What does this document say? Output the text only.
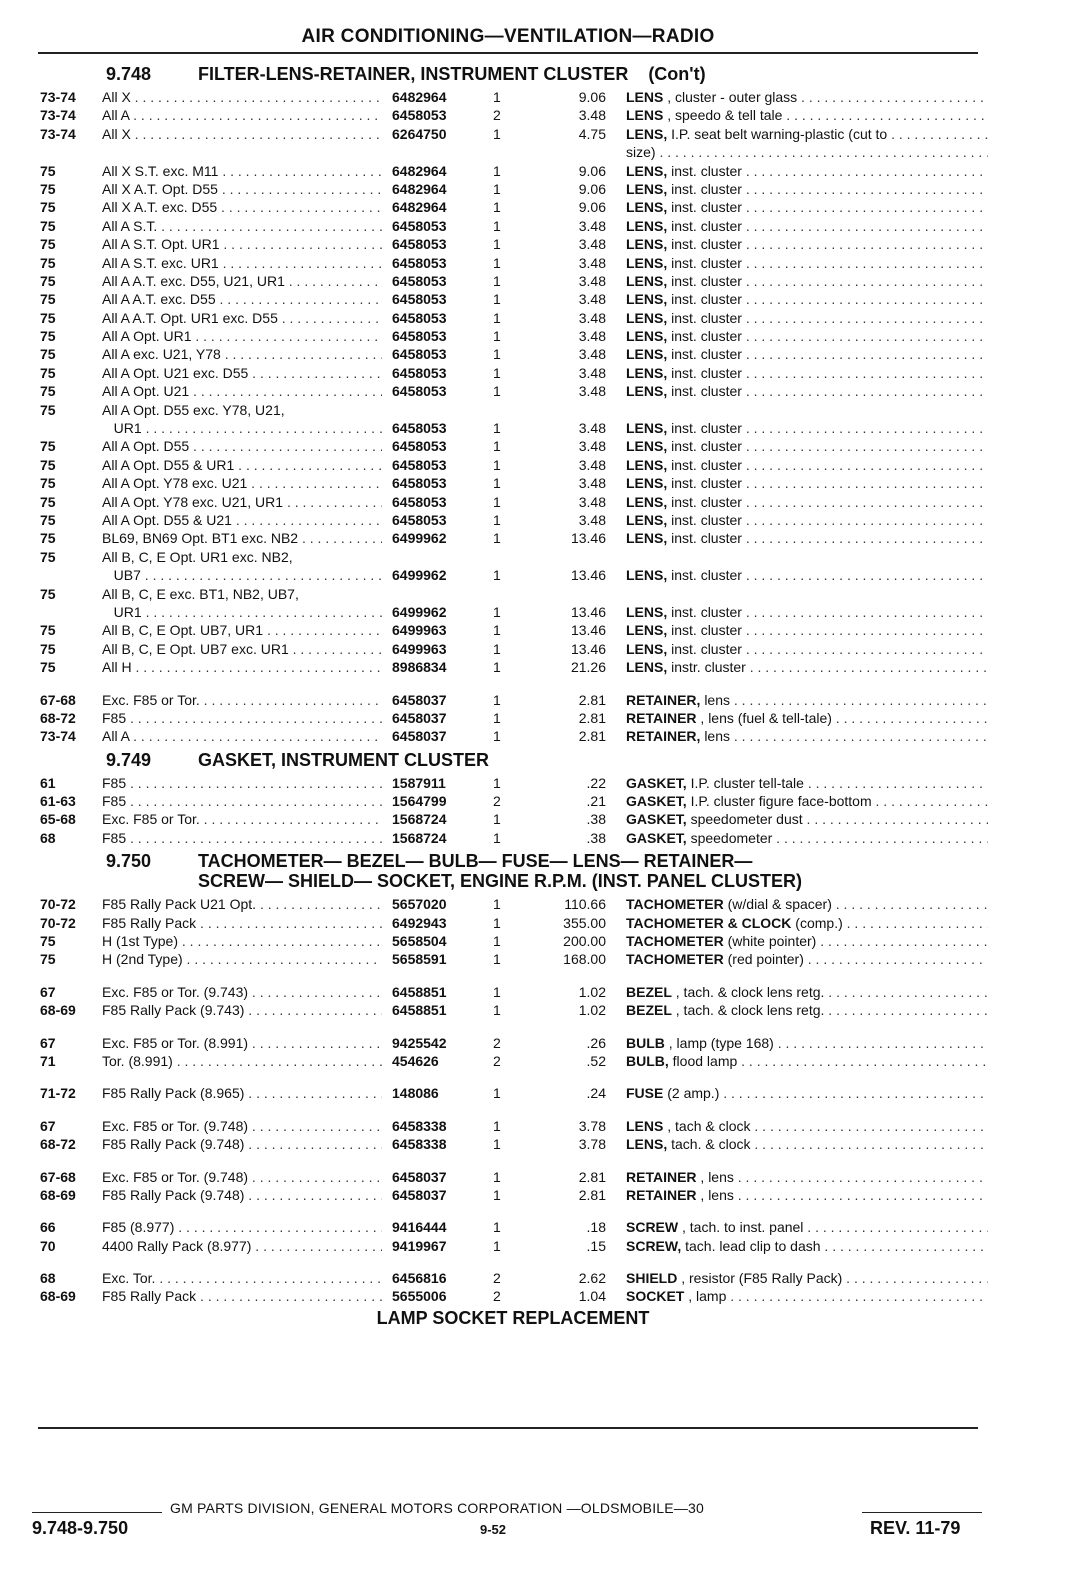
AIR CONDITIONING—VENTILATION—RADIO
9.748	FILTER-LENS-RETAINER, INSTRUMENT CLUSTER    (Con't)
73-74	All X . . .	6482964	1	9.06 LENS , cluster - outer glass . . .
73-74	All A . . .	6458053	2	3.48 LENS , speedo & tell tale . . .
73-74	All X . . .	6264750	1	4.75 LENS, I.P. seat belt warning-plastic (cut to . . .
size) . . .
75	All X S.T. exc. M11 . . .	6482964	1	9.06 LENS, inst. cluster . . .
75	All X A.T. Opt. D55 . . .	6482964	1	9.06 LENS, inst. cluster . . .
75	All X A.T. exc. D55 . . .	6482964	1	9.06 LENS, inst. cluster . . .
75	All A S.T. . . .	6458053	1	3.48 LENS, inst. cluster . . .
75	All A S.T. Opt. UR1 . . .	6458053	1	3.48 LENS, inst. cluster . . .
75	All A S.T. exc. UR1 . . .	6458053	1	3.48 LENS, inst. cluster . . .
75	All A A.T. exc. D55, U21, UR1 . . .	6458053	1	3.48 LENS, inst. cluster . . .
75	All A A.T. exc. D55 . . .	6458053	1	3.48 LENS, inst. cluster . . .
75	All A A.T. Opt. UR1 exc. D55 . . .	6458053	1	3.48 LENS, inst. cluster . . .
75	All A Opt. UR1 . . .	6458053	1	3.48 LENS, inst. cluster . . .
75	All A exc. U21, Y78 . . .	6458053	1	3.48 LENS, inst. cluster . . .
75	All A Opt. U21 exc. D55 . . .	6458053	1	3.48 LENS, inst. cluster . . .
75	All A Opt. U21 . . .	6458053	1	3.48 LENS, inst. cluster . . .
75	All A Opt. D55 exc. Y78, U21,
UR1 . . .	6458053	1	3.48 LENS, inst. cluster . . .
75	All A Opt. D55 . . .	6458053	1	3.48 LENS, inst. cluster . . .
75	All A Opt. D55 & UR1 . . .	6458053	1	3.48 LENS, inst. cluster . . .
75	All A Opt. Y78 exc. U21 . . .	6458053	1	3.48 LENS, inst. cluster . . .
75	All A Opt. Y78 exc. U21, UR1 . . .	6458053	1	3.48 LENS, inst. cluster . . .
75	All A Opt. D55 & U21 . . .	6458053	1	3.48 LENS, inst. cluster . . .
75	BL69, BN69 Opt. BT1 exc. NB2 . . .	6499962	1	13.46 LENS, inst. cluster . . .
75	All B, C, E Opt. UR1 exc. NB2,
UB7 . . .	6499962	1	13.46 LENS, inst. cluster . . .
75	All B, C, E exc. BT1, NB2, UB7,
UR1 . . .	6499962	1	13.46 LENS, inst. cluster . . .
75	All B, C, E Opt. UB7, UR1 . . .	6499963	1	13.46 LENS, inst. cluster . . .
75	All B, C, E Opt. UB7 exc. UR1 . . .	6499963	1	13.46 LENS, inst. cluster . . .
75	All H . . .	8986834	1	21.26 LENS, instr. cluster . . .
67-68	Exc. F85 or Tor. . . .	6458037	1	2.81 RETAINER, lens . . .
68-72	F85 . . .	6458037	1	2.81 RETAINER , lens (fuel & tell-tale) . . .
73-74	All A . . .	6458037	1	2.81 RETAINER, lens . . .
9.749	GASKET, INSTRUMENT CLUSTER
61	F85 . . .	1587911	1	.22 GASKET, I.P. cluster tell-tale . . .
61-63	F85 . . .	1564799	2	.21 GASKET, I.P. cluster figure face-bottom . . .
65-68	Exc. F85 or Tor. . . .	1568724	1	.38 GASKET, speedometer dust . . .
68	F85 . . .	1568724	1	.38 GASKET, speedometer . . .
9.750	TACHOMETER— BEZEL— BULB— FUSE— LENS— RETAINER—
SCREW— SHIELD— SOCKET, ENGINE R.P.M. (INST. PANEL CLUSTER)
70-72	F85 Rally Pack U21 Opt. . . .	5657020	1	110.66 TACHOMETER (w/dial & spacer) . . .
70-72	F85 Rally Pack . . .	6492943	1	355.00 TACHOMETER & CLOCK (comp.) . . .
75	H (1st Type) . . .	5658504	1	200.00 TACHOMETER (white pointer) . . .
75	H (2nd Type) . . .	5658591	1	168.00 TACHOMETER (red pointer) . . .
67	Exc. F85 or Tor. (9.743) . . .	6458851	1	1.02 BEZEL , tach. & clock lens retg. . . .
68-69	F85 Rally Pack (9.743) . . .	6458851	1	1.02 BEZEL , tach. & clock lens retg. . . .
67	Exc. F85 or Tor. (8.991) . . .	9425542	2	.26 BULB , lamp (type 168) . . .
71	Tor. (8.991) . . .	454626	2	.52 BULB, flood lamp . . .
71-72	F85 Rally Pack (8.965) . . .	148086	1	.24 FUSE (2 amp.) . . .
67	Exc. F85 or Tor. (9.748) . . .	6458338	1	3.78 LENS , tach & clock . . .
68-72	F85 Rally Pack (9.748) . . .	6458338	1	3.78 LENS, tach. & clock . . .
67-68	Exc. F85 or Tor. (9.748) . . .	6458037	1	2.81 RETAINER , lens . . .
68-69	F85 Rally Pack (9.748) . . .	6458037	1	2.81 RETAINER , lens . . .
66	F85 (8.977) . . .	9416444	1	.18 SCREW , tach. to inst. panel . . .
70	4400 Rally Pack (8.977) . . .	9419967	1	.15 SCREW, tach. lead clip to dash . . .
68	Exc. Tor. . . .	6456816	2	2.62 SHIELD , resistor (F85 Rally Pack) . . .
68-69	F85 Rally Pack . . .	5655006	2	1.04 SOCKET , lamp . . .
LAMP SOCKET REPLACEMENT
9.748-9.750
GM PARTS DIVISION, GENERAL MOTORS CORPORATION —OLDSMOBILE—30
9-52	REV. 11-79
